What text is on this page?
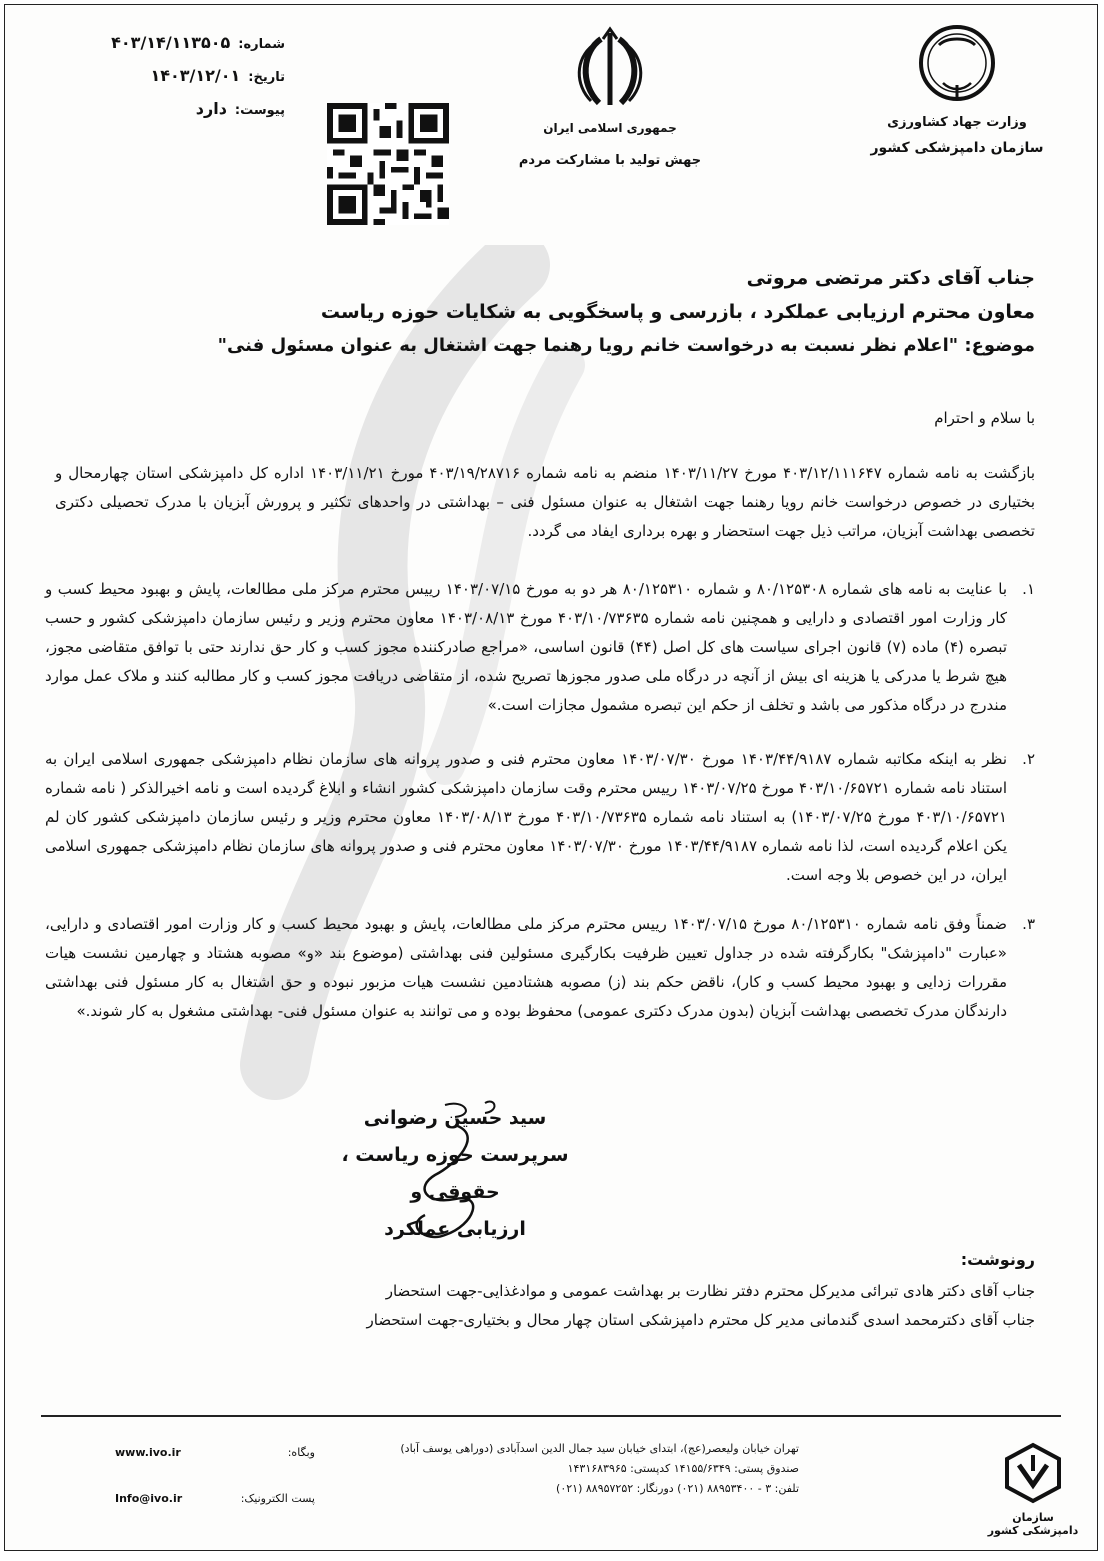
وزارت جهاد کشاورزی
سازمان دامپزشکی کشور
جمهوری اسلامی ایران
جهش تولید با مشارکت مردم
شماره:
۴۰۳/۱۴/۱۱۳۵۰۵
تاریخ:
۱۴۰۳/۱۲/۰۱
پیوست:
دارد
جناب آقای دکتر مرتضی مروتی
معاون محترم ارزیابی عملکرد ، بازرسی و پاسخگویی به شکایات حوزه ریاست
موضوع: "اعلام نظر نسبت به درخواست خانم رویا رهنما جهت اشتغال به عنوان مسئول فنی"
با سلام و احترام
بازگشت به نامه شماره ۴۰۳/۱۲/۱۱۱۶۴۷ مورخ ۱۴۰۳/۱۱/۲۷ منضم به نامه شماره ۴۰۳/۱۹/۲۸۷۱۶ مورخ ۱۴۰۳/۱۱/۲۱ اداره کل دامپزشکی استان چهارمحال و بختیاری در خصوص درخواست خانم رویا رهنما جهت اشتغال به عنوان مسئول فنی – بهداشتی در واحدهای تکثیر و پرورش آبزیان با مدرک تحصیلی دکتری تخصصی بهداشت آبزیان، مراتب ذیل جهت استحضار و بهره برداری ایفاد می گردد.
۱.
با عنایت به نامه های شماره ۸۰/۱۲۵۳۰۸ و شماره ۸۰/۱۲۵۳۱۰ هر دو به مورخ ۱۴۰۳/۰۷/۱۵ رییس محترم مرکز ملی مطالعات، پایش و بهبود محیط کسب و کار وزارت امور اقتصادی و دارایی و همچنین نامه شماره ۴۰۳/۱۰/۷۳۶۳۵ مورخ ۱۴۰۳/۰۸/۱۳ معاون محترم وزیر و رئیس سازمان دامپزشکی کشور و حسب تبصره (۴) ماده (۷) قانون اجرای سیاست های کل اصل (۴۴) قانون اساسی، «مراجع صادرکننده مجوز کسب و کار حق ندارند حتی با توافق متقاضی مجوز، هیچ شرط یا مدرکی یا هزینه ای بیش از آنچه در درگاه ملی صدور مجوزها تصریح شده، از متقاضی دریافت مجوز کسب و کار مطالبه کنند و ملاک عمل موارد مندرج در درگاه مذکور می باشد و تخلف از حکم این تبصره مشمول مجازات است.»
۲.
نظر به اینکه مکاتبه شماره ۱۴۰۳/۴۴/۹۱۸۷ مورخ ۱۴۰۳/۰۷/۳۰ معاون محترم فنی و صدور پروانه های سازمان نظام دامپزشکی جمهوری اسلامی ایران به استناد نامه شماره ۴۰۳/۱۰/۶۵۷۲۱ مورخ ۱۴۰۳/۰۷/۲۵ رییس محترم وقت سازمان دامپزشکی کشور انشاء و ابلاغ گردیده است و نامه اخیرالذکر ( نامه شماره ۴۰۳/۱۰/۶۵۷۲۱ مورخ ۱۴۰۳/۰۷/۲۵) به استناد نامه شماره ۴۰۳/۱۰/۷۳۶۳۵ مورخ ۱۴۰۳/۰۸/۱۳ معاون محترم وزیر و رئیس سازمان دامپزشکی کشور کان لم یکن اعلام گردیده است، لذا نامه شماره ۱۴۰۳/۴۴/۹۱۸۷ مورخ ۱۴۰۳/۰۷/۳۰ معاون محترم فنی و صدور پروانه های سازمان نظام دامپزشکی جمهوری اسلامی ایران، در این خصوص بلا وجه است.
۳.
ضمناً وفق نامه شماره ۸۰/۱۲۵۳۱۰ مورخ ۱۴۰۳/۰۷/۱۵ رییس محترم مرکز ملی مطالعات، پایش و بهبود محیط کسب و کار وزارت امور اقتصادی و دارایی، «عبارت "دامپزشک" بکارگرفته شده در جداول تعیین ظرفیت بکارگیری مسئولین فنی بهداشتی (موضوع بند «و» مصوبه هشتاد و چهارمین نشست هیات مقررات زدایی و بهبود محیط کسب و کار)، ناقض حکم بند (ز) مصوبه هشتادمین نشست هیات مزبور نبوده و حق اشتغال به کار مسئول فنی بهداشتی دارندگان مدرک تخصصی بهداشت آبزیان (بدون مدرک دکتری عمومی) محفوظ بوده و می توانند به عنوان مسئول فنی- بهداشتی مشغول به کار شوند.»
سید حسین رضوانی
سرپرست حوزه ریاست ، حقوقی و
ارزیابی عملکرد
رونوشت:
جناب آقای دکتر هادی تبرائی مدیرکل محترم دفتر نظارت بر بهداشت عمومی و موادغذایی-جهت استحضار
جناب آقای دکترمحمد اسدی گندمانی مدیر کل محترم دامپزشکی استان چهار محال و بختیاری-جهت استحضار
سازمان دامپزشکی کشور
تهران خیابان ولیعصر(عج)، ابتدای خیابان سید جمال الدین اسدآبادی (دوراهی یوسف آباد)
صندوق پستی: ۱۴۱۵۵/۶۳۴۹ کدپستی: ۱۴۳۱۶۸۳۹۶۵
تلفن: ۳ - ۸۸۹۵۳۴۰۰ (۰۲۱) دورنگار: ۸۸۹۵۷۲۵۲ (۰۲۱)
وبگاه:
www.ivo.ir
پست الکترونیک:
Info@ivo.ir
